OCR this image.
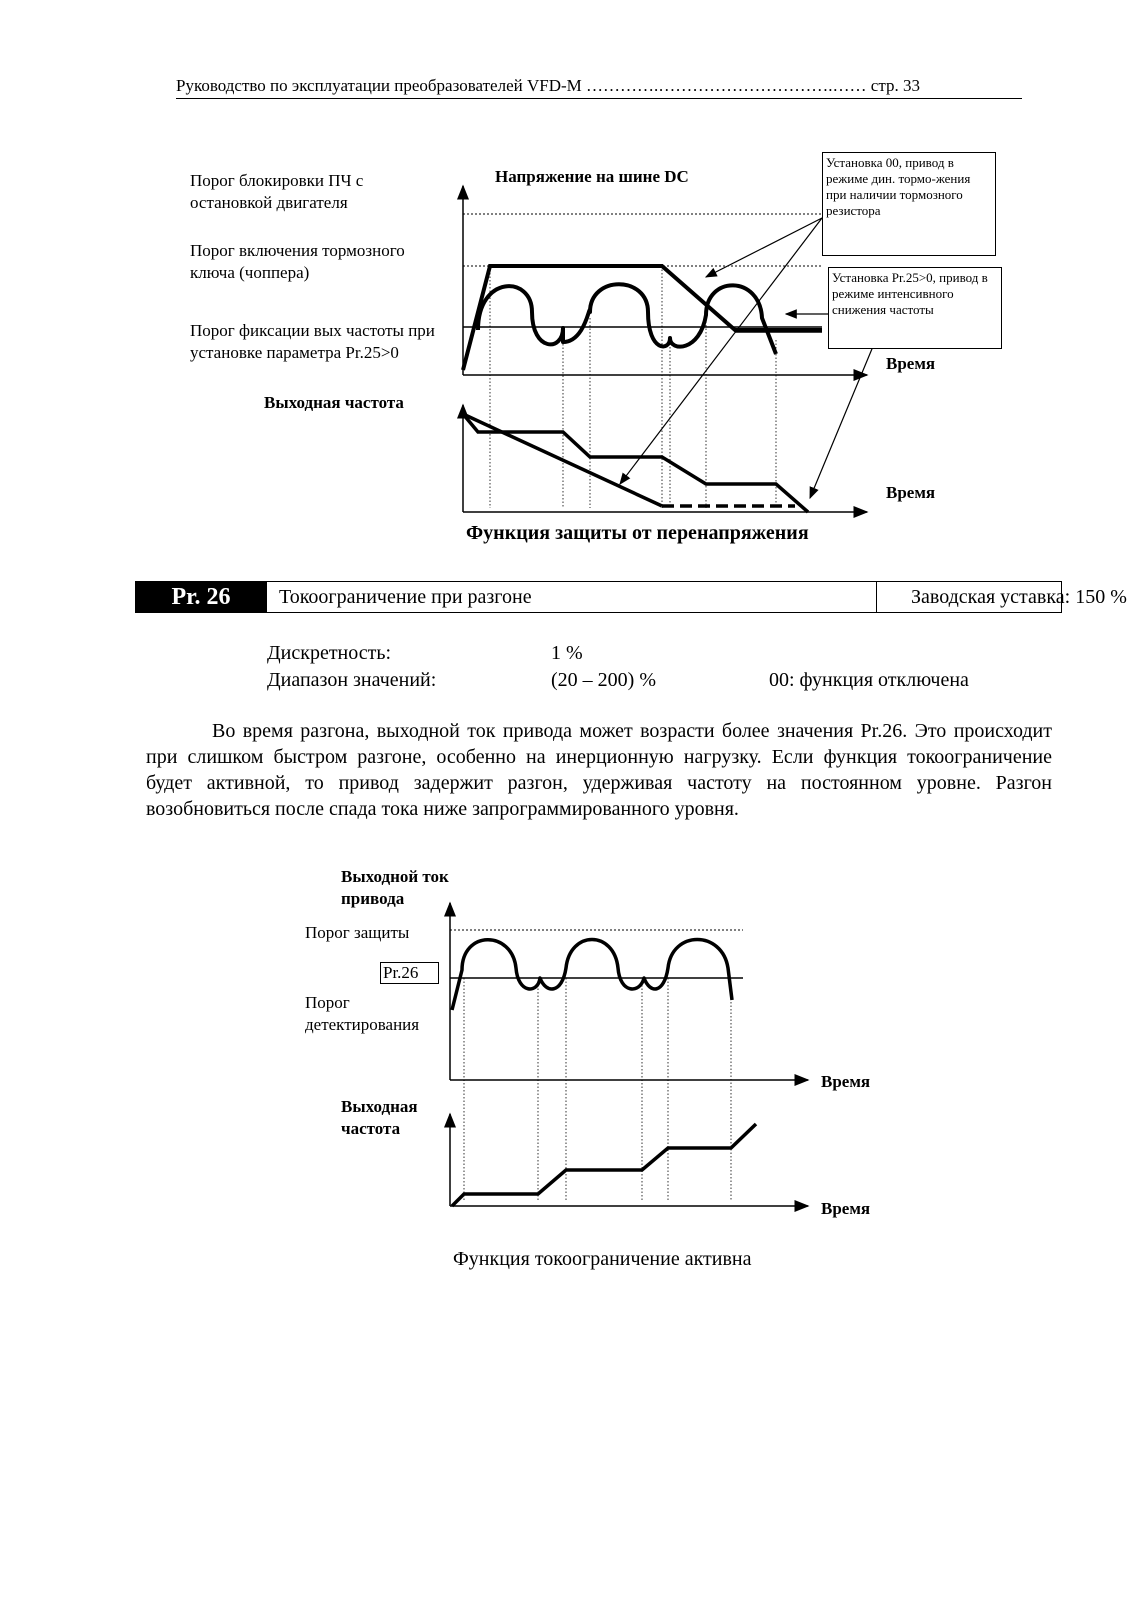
Руководство по эксплуатации преобразователей VFD-M ………….………………………….…… стр. 33
Порог блокировки ПЧ с остановкой двигателя
Порог включения тормозного ключа (чоппера)
Порог фиксации вых частоты при установке параметра Pr.25>0
Напряжение на шине DC
Выходная частота
Время
Время
Установка 00, привод в режиме дин. тормо-жения при наличии тормозного резистора
Установка Pr.25>0, привод в режиме интенсивного снижения частоты
Функция защиты от перенапряжения
Pr. 26	Токоограничение при разгоне	Заводская уставка: 150 %
Дискретность:	1 %
Диапазон значений:	(20 – 200) %	00: функция отключена

Во время разгона, выходной ток привода может возрасти более значения Pr.26. Это происходит при слишком быстром разгоне, особенно на инерционную нагрузку. Если функция токоограничение будет активной, то привод задержит разгон, удерживая частоту на постоянном уровне. Разгон возобновиться после спада тока ниже запрограммированного уровня.

Выходной ток привода
Порог защиты
Pr.26
Порог детектирования
Время
Выходная частота
Время
Функция токоограничение активна
